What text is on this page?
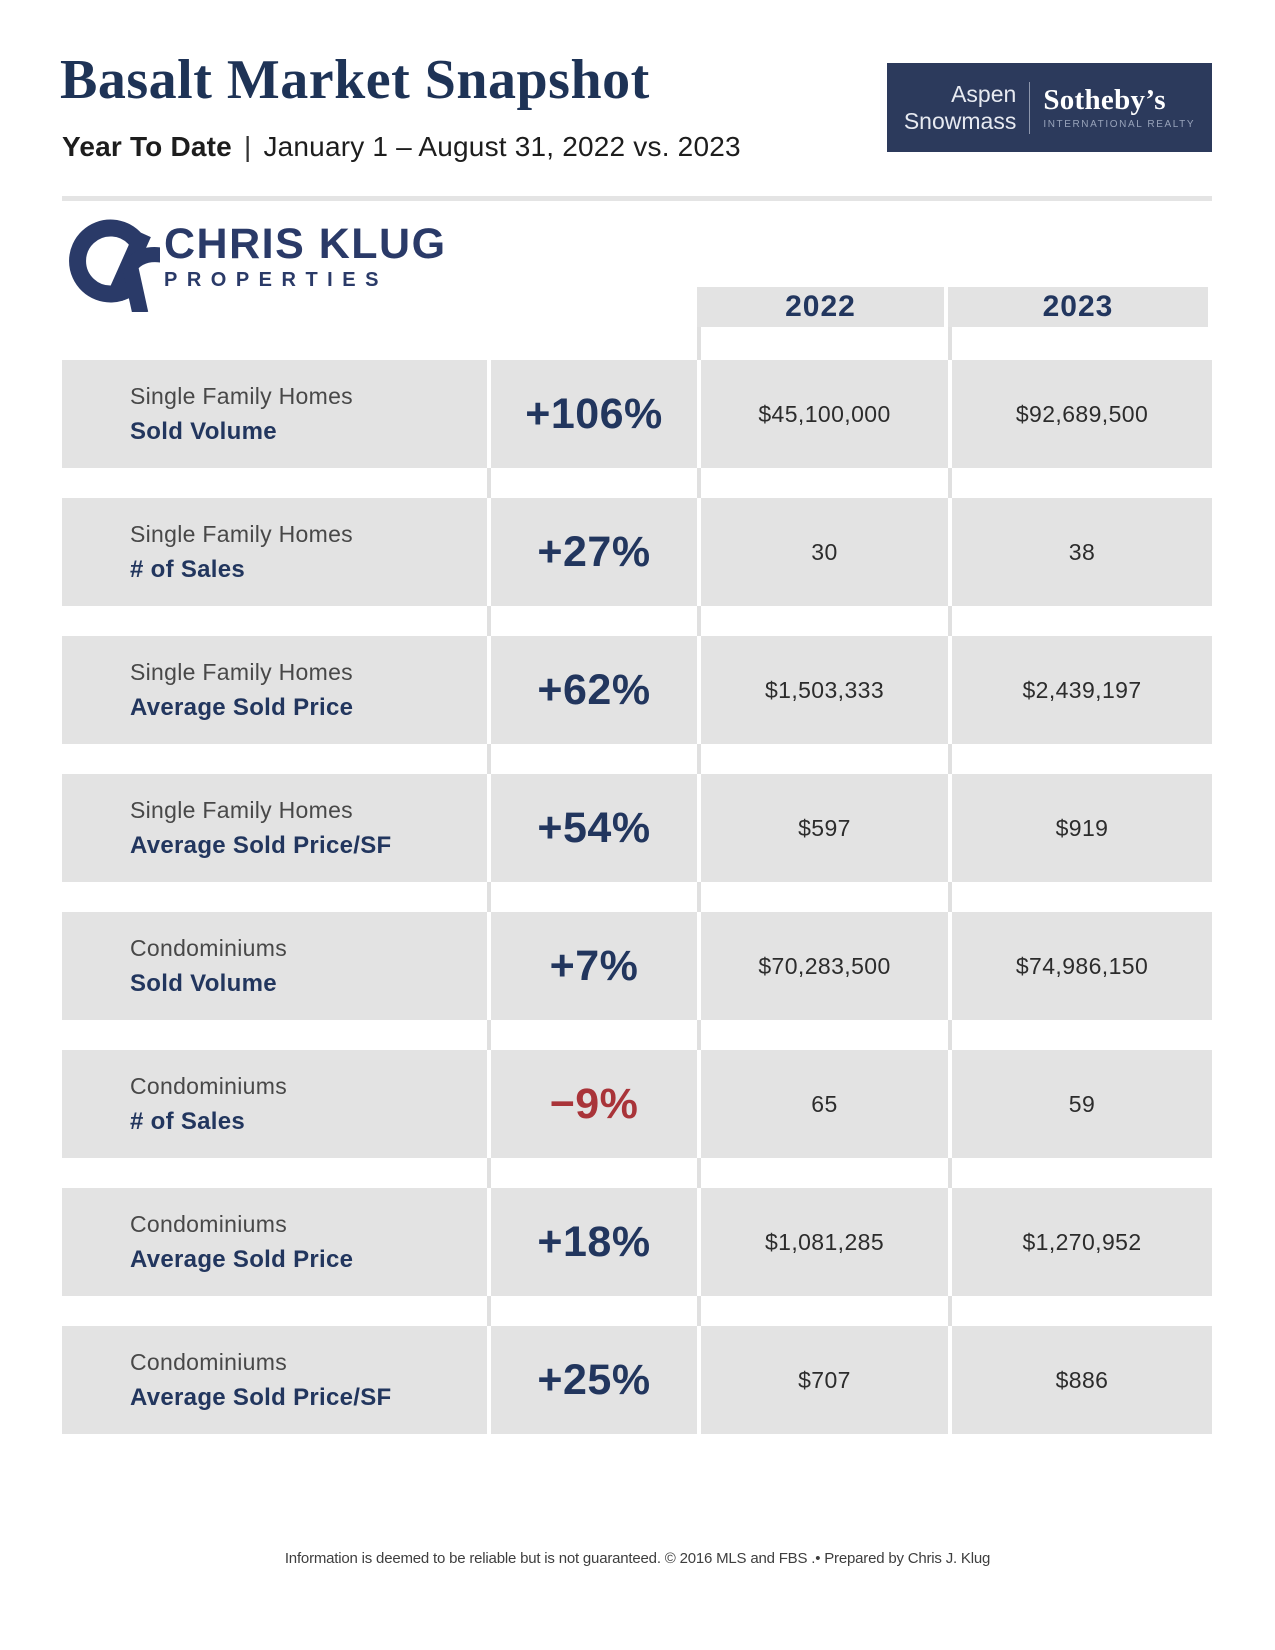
Basalt Market Snapshot
Year To Date | January 1 – August 31, 2022 vs. 2023
Aspen
Snowmass
Sotheby’s
INTERNATIONAL REALTY
CHRIS KLUG
PROPERTIES
2022	2023
Single Family Homes
Sold Volume	+106%	$45,100,000	$92,689,500
Single Family Homes
# of Sales	+27%	30	38
Single Family Homes
Average Sold Price	+62%	$1,503,333	$2,439,197
Single Family Homes
Average Sold Price/SF	+54%	$597	$919
Condominiums
Sold Volume	+7%	$70,283,500	$74,986,150
Condominiums
# of Sales	−9%	65	59
Condominiums
Average Sold Price	+18%	$1,081,285	$1,270,952
Condominiums
Average Sold Price/SF	+25%	$707	$886
Information is deemed to be reliable but is not guaranteed. © 2016 MLS and FBS .• Prepared by Chris J. Klug
